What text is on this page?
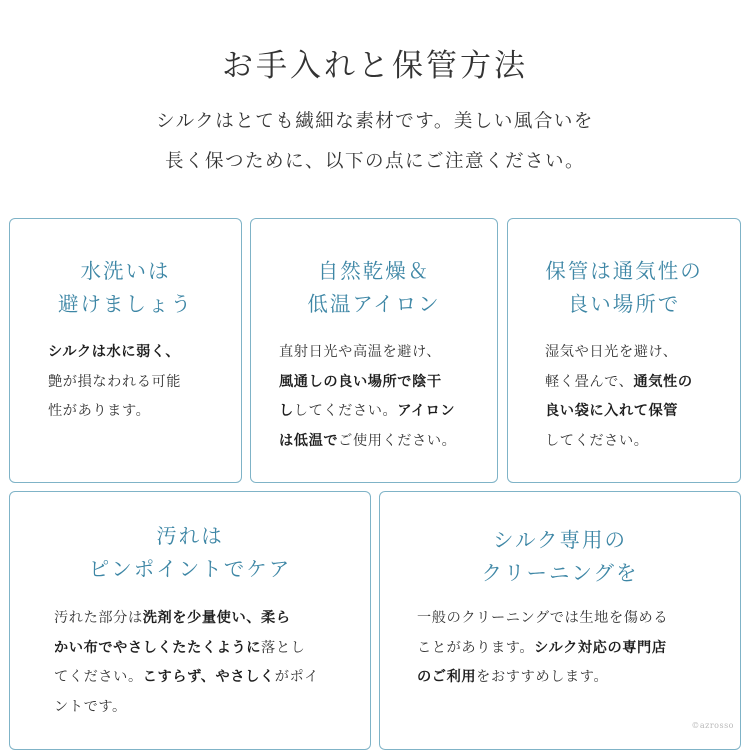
お手入れと保管方法
シルクはとても繊細な素材です。美しい風合いを
長く保つために、以下の点にご注意ください。
水洗いは
避けましょう
シルクは水に弱く、
艶が損なわれる可能
性があります。
自然乾燥＆
低温アイロン
直射日光や高温を避け、
風通しの良い場所で陰干
ししてください。アイロン
は低温でご使用ください。
保管は通気性の
良い場所で
湿気や日光を避け、
軽く畳んで、通気性の
良い袋に入れて保管
してください。
汚れは
ピンポイントでケア
汚れた部分は洗剤を少量使い、柔ら
かい布でやさしくたたくように落とし
てください。こすらず、やさしくがポイ
ントです。
シルク専用の
クリーニングを
一般のクリーニングでは生地を傷める
ことがあります。シルク対応の専門店
のご利用をおすすめします。
©azrosso
